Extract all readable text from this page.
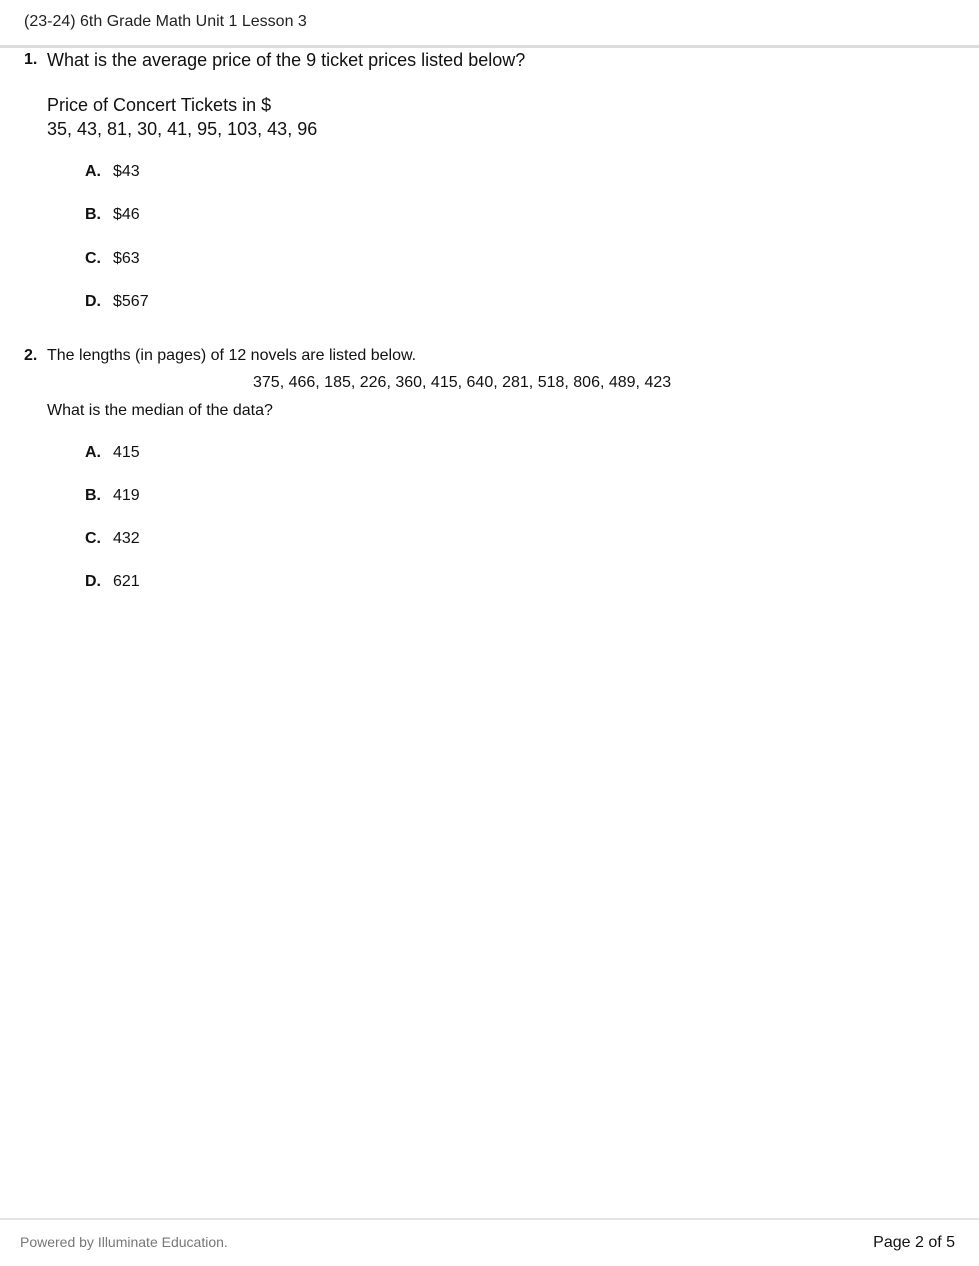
(23-24) 6th Grade Math Unit 1 Lesson 3
1. What is the average price of the 9 ticket prices listed below?
Price of Concert Tickets in $
35, 43, 81, 30, 41, 95, 103, 43, 96
A. $43
B. $46
C. $63
D. $567
2. The lengths (in pages) of 12 novels are listed below.
375, 466, 185, 226, 360, 415, 640, 281, 518, 806, 489, 423
What is the median of the data?
A. 415
B. 419
C. 432
D. 621
Powered by Illuminate Education.	Page 2 of 5
